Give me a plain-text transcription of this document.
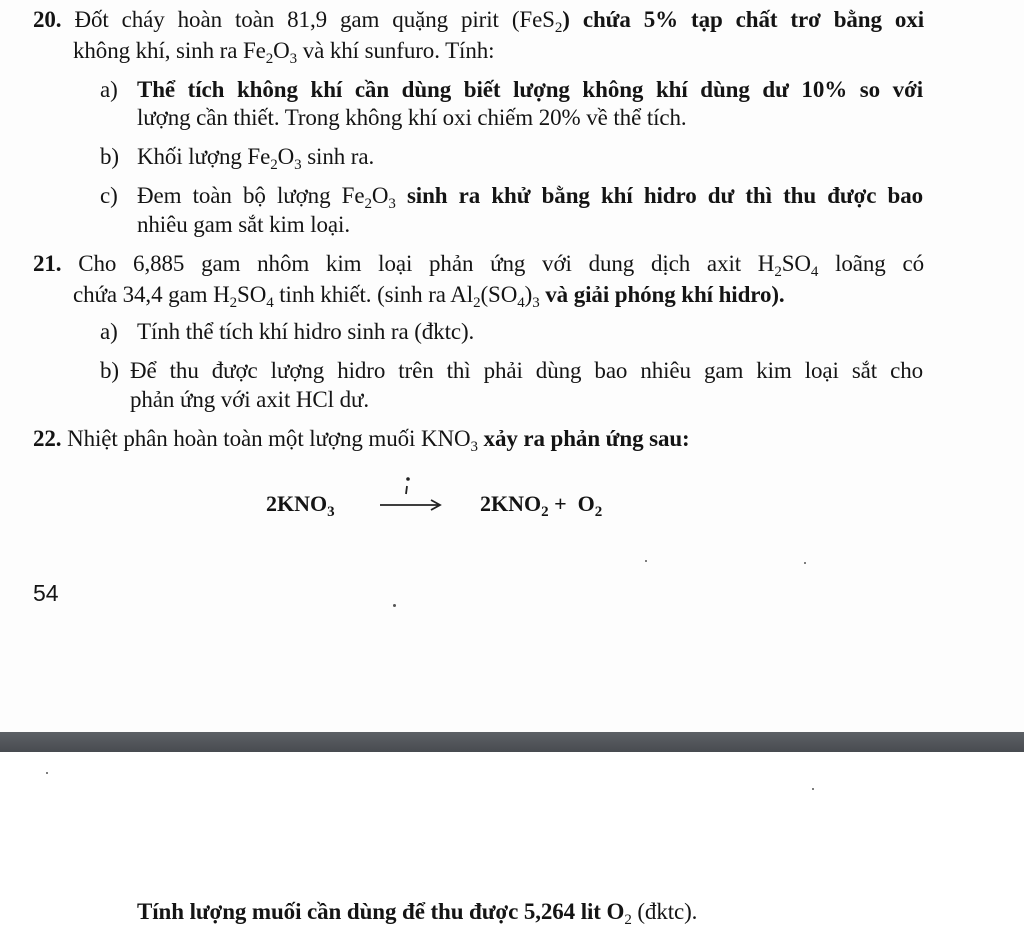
20. Đốt cháy hoàn toàn 81,9 gam quặng pirit (FeS$_2$) chứa 5% tạp chất trơ bằng oxi
không khí, sinh ra $Fe_2O_3$ và khí sunfuro. Tính:
a) Thể tích không khí cần dùng biết lượng không khí dùng dư 10% so với
lượng cần thiết. Trong không khí oxi chiếm 20% về thể tích.
b) Khối lượng $Fe_2O_3$ sinh ra.
c) Đem toàn bộ lượng $Fe_2O_3$ sinh ra khử bằng khí hidro dư thì thu được bao
nhiêu gam sắt kim loại.
21. Cho 6,885 gam nhôm kim loại phản ứng với dung dịch axit $H_2SO_4$ loãng có
chứa 34,4 gam $H_2SO_4$ tinh khiết. (sinh ra $Al_2(SO_4)_3$ và giải phóng khí hidro).
a) Tính thể tích khí hidro sinh ra (đktc).
b) Để thu được lượng hidro trên thì phải dùng bao nhiêu gam kim loại sắt cho
phản ứng với axit HCl dư.
22. Nhiệt phân hoàn toàn một lượng muối $KNO_3$ xảy ra phản ứng sau:
$2KNO_3$	$2KNO_2 + O_2$
54
Tính lượng muối cần dùng để thu được 5,264 lit $O_2$ (đktc).
